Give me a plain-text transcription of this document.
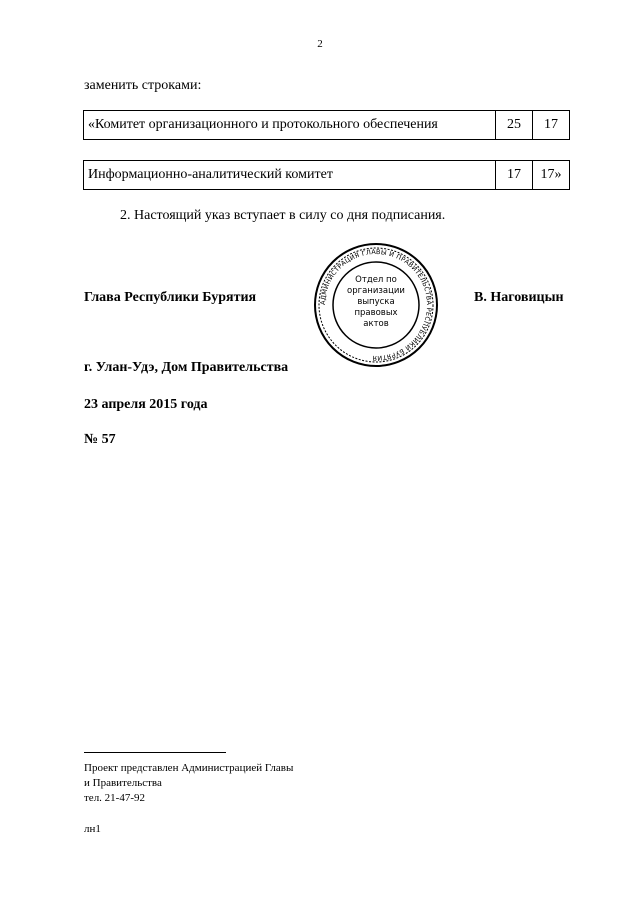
2
заменить строками:
«Комитет организационного и протокольного обеспечения	25	17
Информационно-аналитический комитет	17	17»
2. Настоящий указ вступает в силу со дня подписания.
Глава Республики Бурятия	В. Наговицын
АДМИНИСТРАЦИЯ ГЛАВЫ И ПРАВИТЕЛЬСТВА РЕСПУБЛИКИ БУРЯТИЯ
Отдел по
организации
выпуска
правовых
актов
г. Улан-Удэ, Дом Правительства
23 апреля 2015 года
№ 57
Проект представлен Администрацией Главы
и Правительства
тел. 21-47-92
лн1
